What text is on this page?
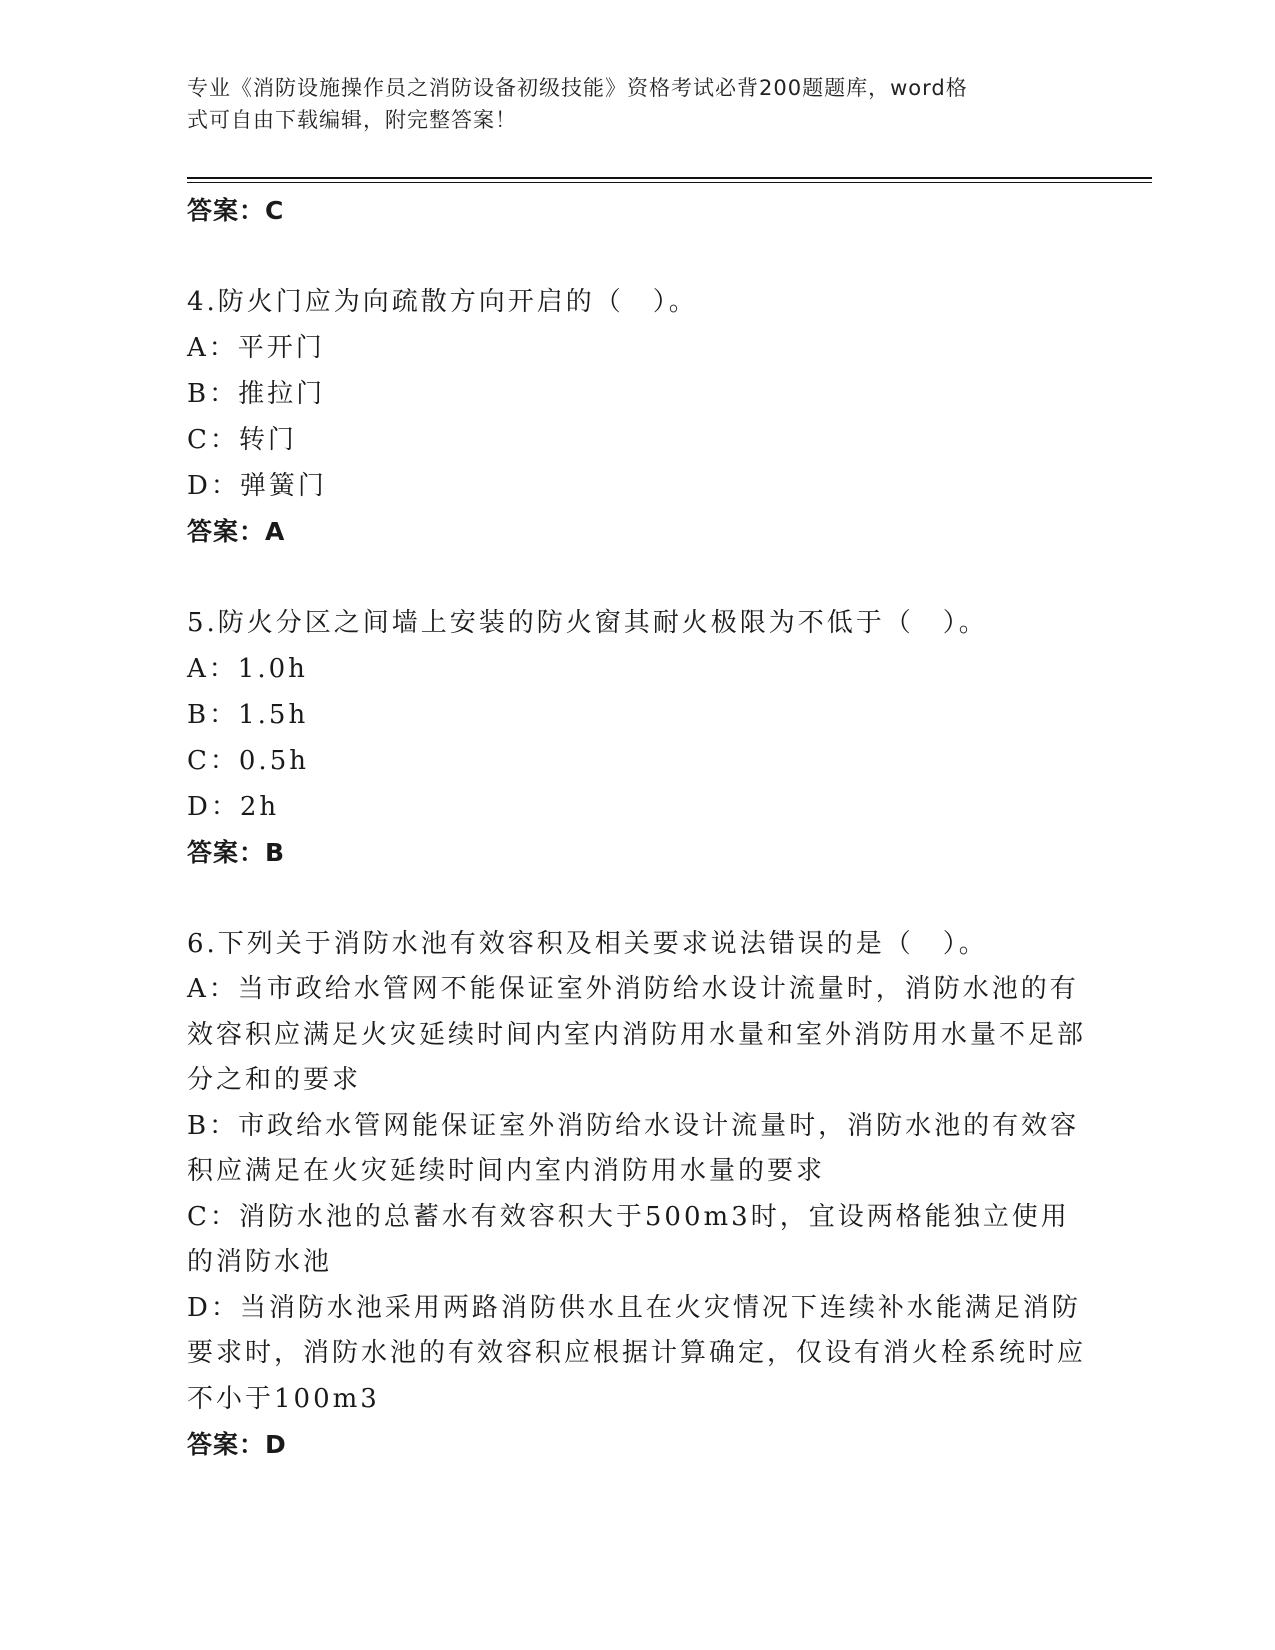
专业《消防设施操作员之消防设备初级技能》资格考试必背200题题库，word格
式可自由下载编辑，附完整答案！
答案：C
4.防火门应为向疏散方向开启的（　）。
A：平开门
B：推拉门
C：转门
D：弹簧门
答案：A
5.防火分区之间墙上安装的防火窗其耐火极限为不低于（　）。
A：1.0h
B：1.5h
C：0.5h
D：2h
答案：B
6.下列关于消防水池有效容积及相关要求说法错误的是（　）。
A：当市政给水管网不能保证室外消防给水设计流量时，消防水池的有效容积应满足火灾延续时间内室内消防用水量和室外消防用水量不足部分之和的要求
B：市政给水管网能保证室外消防给水设计流量时，消防水池的有效容积应满足在火灾延续时间内室内消防用水量的要求
C：消防水池的总蓄水有效容积大于500m3时，宜设两格能独立使用的消防水池
D：当消防水池采用两路消防供水且在火灾情况下连续补水能满足消防要求时，消防水池的有效容积应根据计算确定，仅设有消火栓系统时应不小于100m3
答案：D
